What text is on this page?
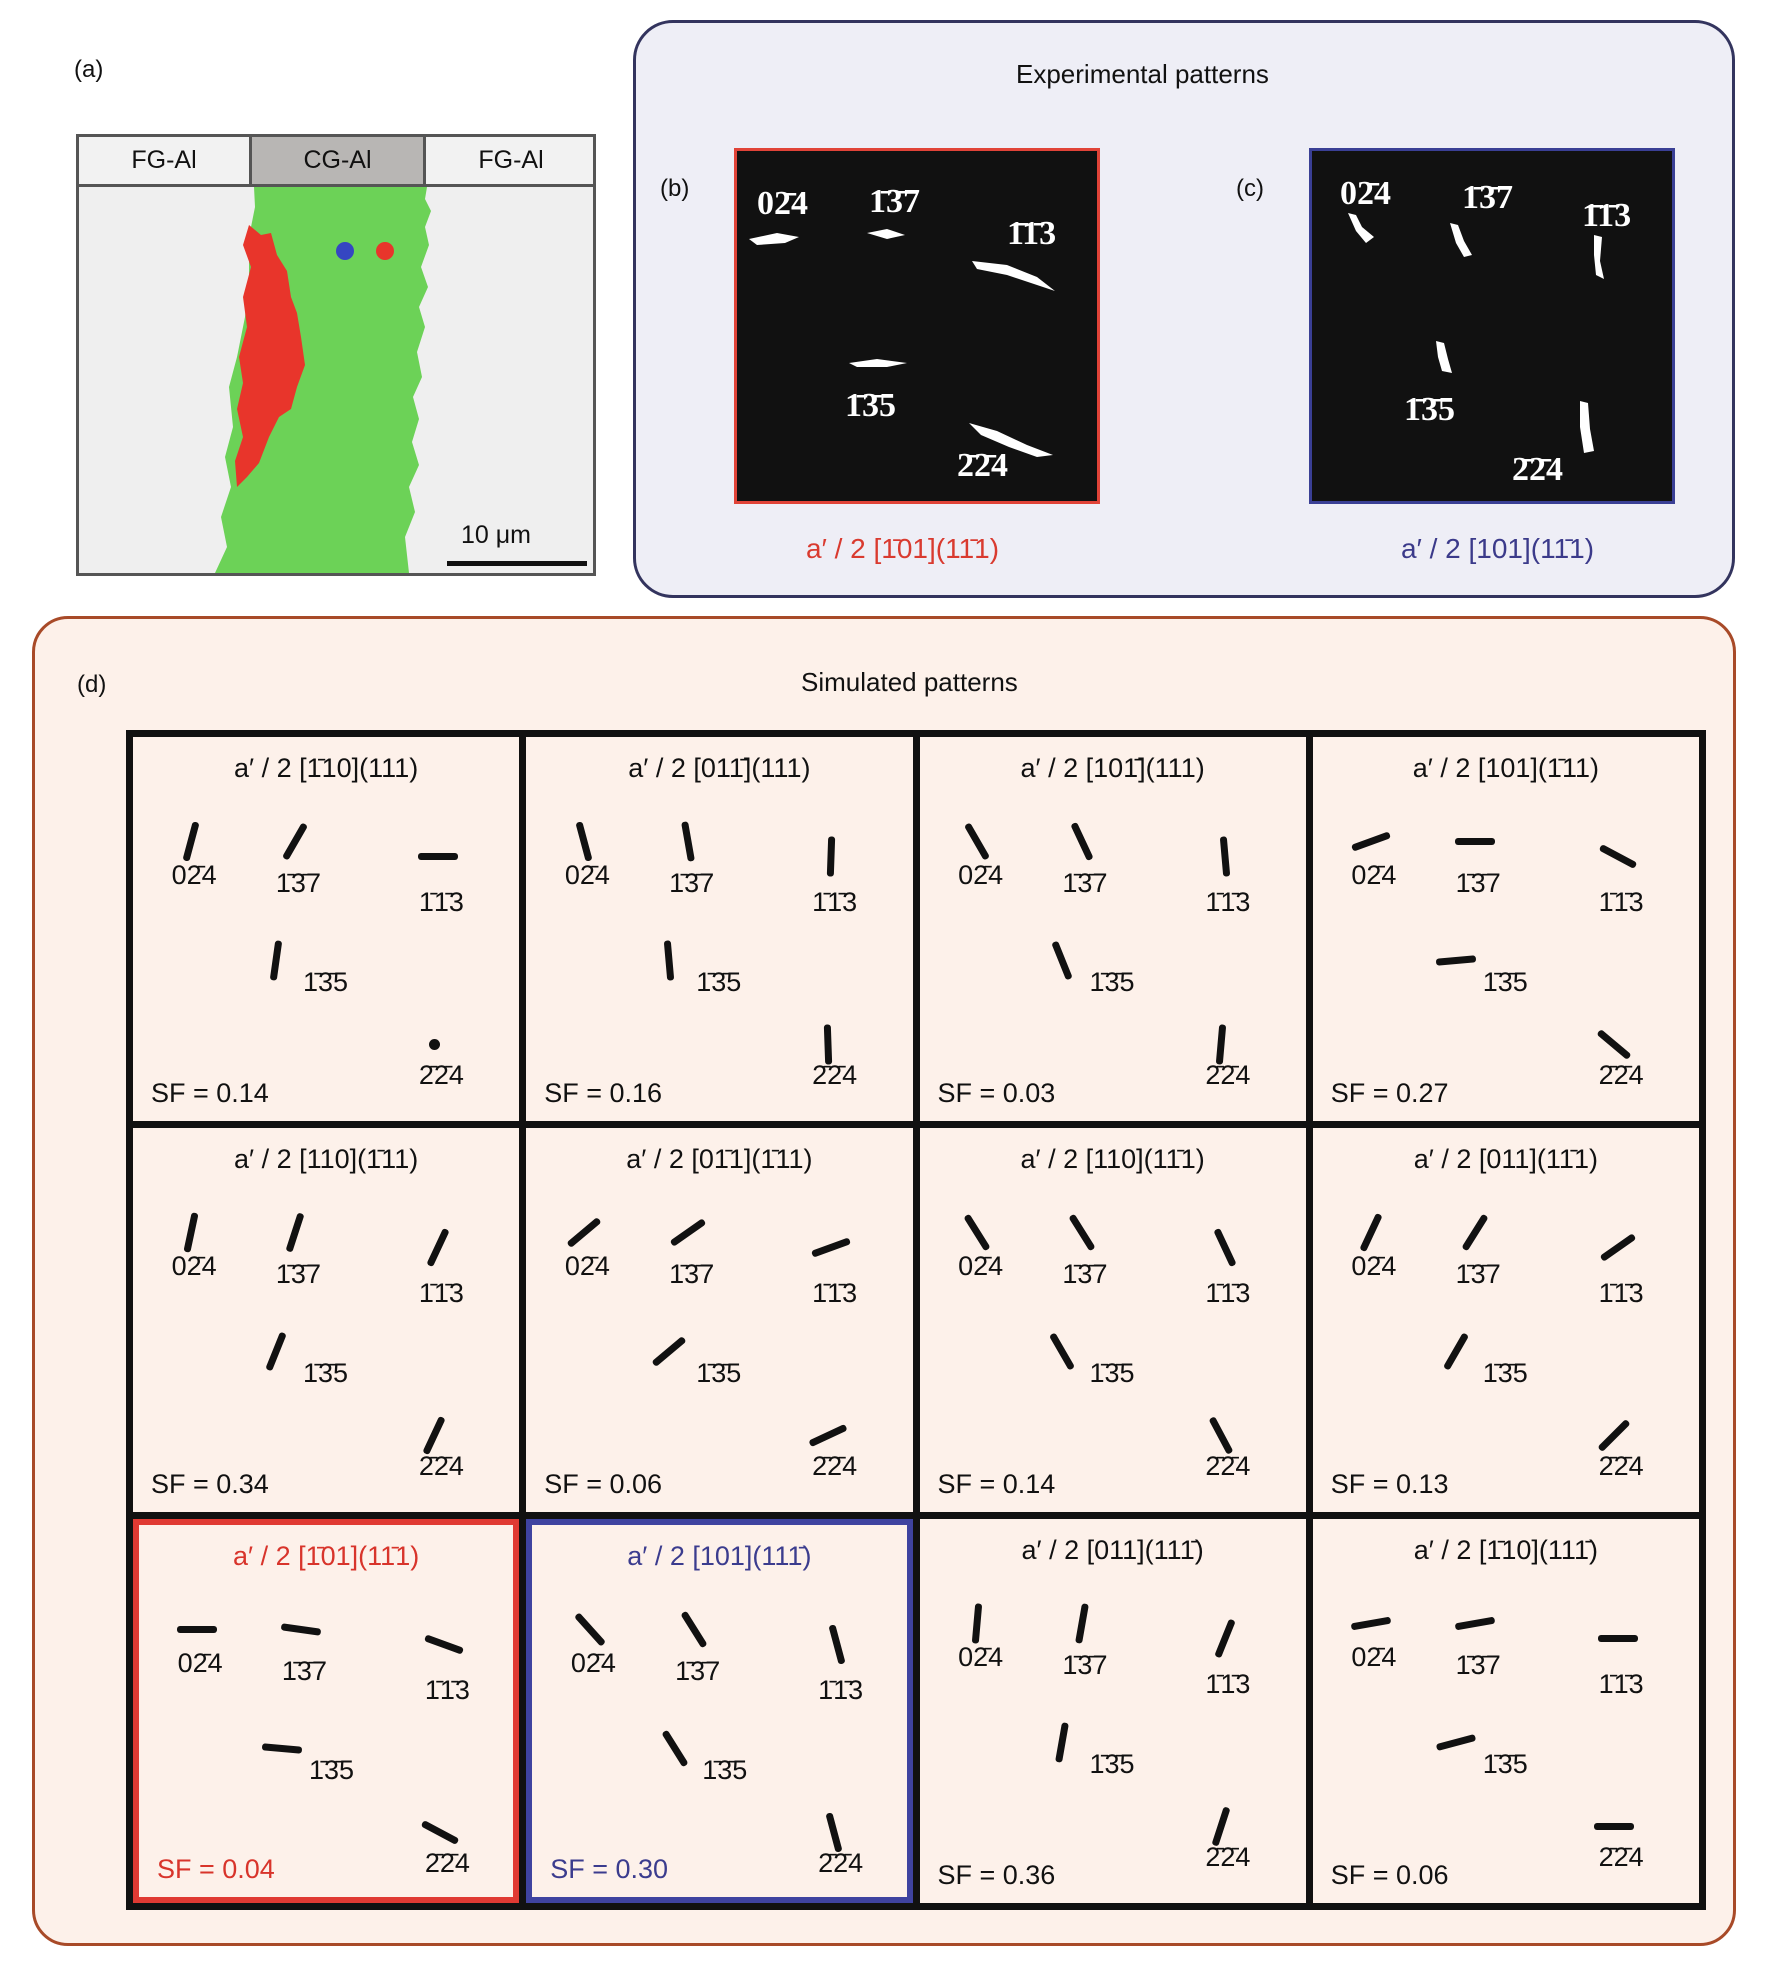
(a)
FG-Al	CG-Al	FG-Al
10 μm
Experimental patterns
(b)	(c)
02̄4 1̄3̄7
1̄1̄3
1̄3̄5
2̄2̄4
02̄4 1̄3̄7 1̄1̄3
1̄3̄5
2̄2̄4
a′ / 2 [1̄01](11̄1)	a′ / 2 [101](11̄1)
(d)	Simulated patterns
a′ / 2 [1̄10](111)
SF = 0.14
02̄4 1̄3̄7
1̄1̄3
1̄3̄5
2̄2̄4
a′ / 2 [011̄](111)
SF = 0.16
02̄4 1̄3̄7
1̄1̄3
1̄3̄5
2̄2̄4
a′ / 2 [101̄](111)
SF = 0.03
02̄4 1̄3̄7
1̄1̄3
1̄3̄5
2̄2̄4
a′ / 2 [101](1̄11)
SF = 0.27
02̄4 1̄3̄7
1̄1̄3
1̄3̄5
2̄2̄4
a′ / 2 [110](1̄11)
SF = 0.34
02̄4 1̄3̄7
1̄1̄3
1̄3̄5
2̄2̄4
a′ / 2 [01̄1](1̄11)
SF = 0.06
02̄4 1̄3̄7
1̄1̄3
1̄3̄5
2̄2̄4
a′ / 2 [110](11̄1)
SF = 0.14
02̄4 1̄3̄7
1̄1̄3
1̄3̄5
2̄2̄4
a′ / 2 [011](11̄1)
SF = 0.13
02̄4 1̄3̄7
1̄1̄3
1̄3̄5
2̄2̄4
a′ / 2 [1̄01](11̄1)
SF = 0.04
02̄4 1̄3̄7
1̄1̄3
1̄3̄5
2̄2̄4
a′ / 2 [101](111̄)
SF = 0.30
02̄4 1̄3̄7
1̄1̄3
1̄3̄5
2̄2̄4
a′ / 2 [011](111̄)
SF = 0.36
02̄4 1̄3̄7
1̄1̄3
1̄3̄5
2̄2̄4
a′ / 2 [1̄10](111̄)
SF = 0.06
02̄4 1̄3̄7
1̄1̄3
1̄3̄5
2̄2̄4
